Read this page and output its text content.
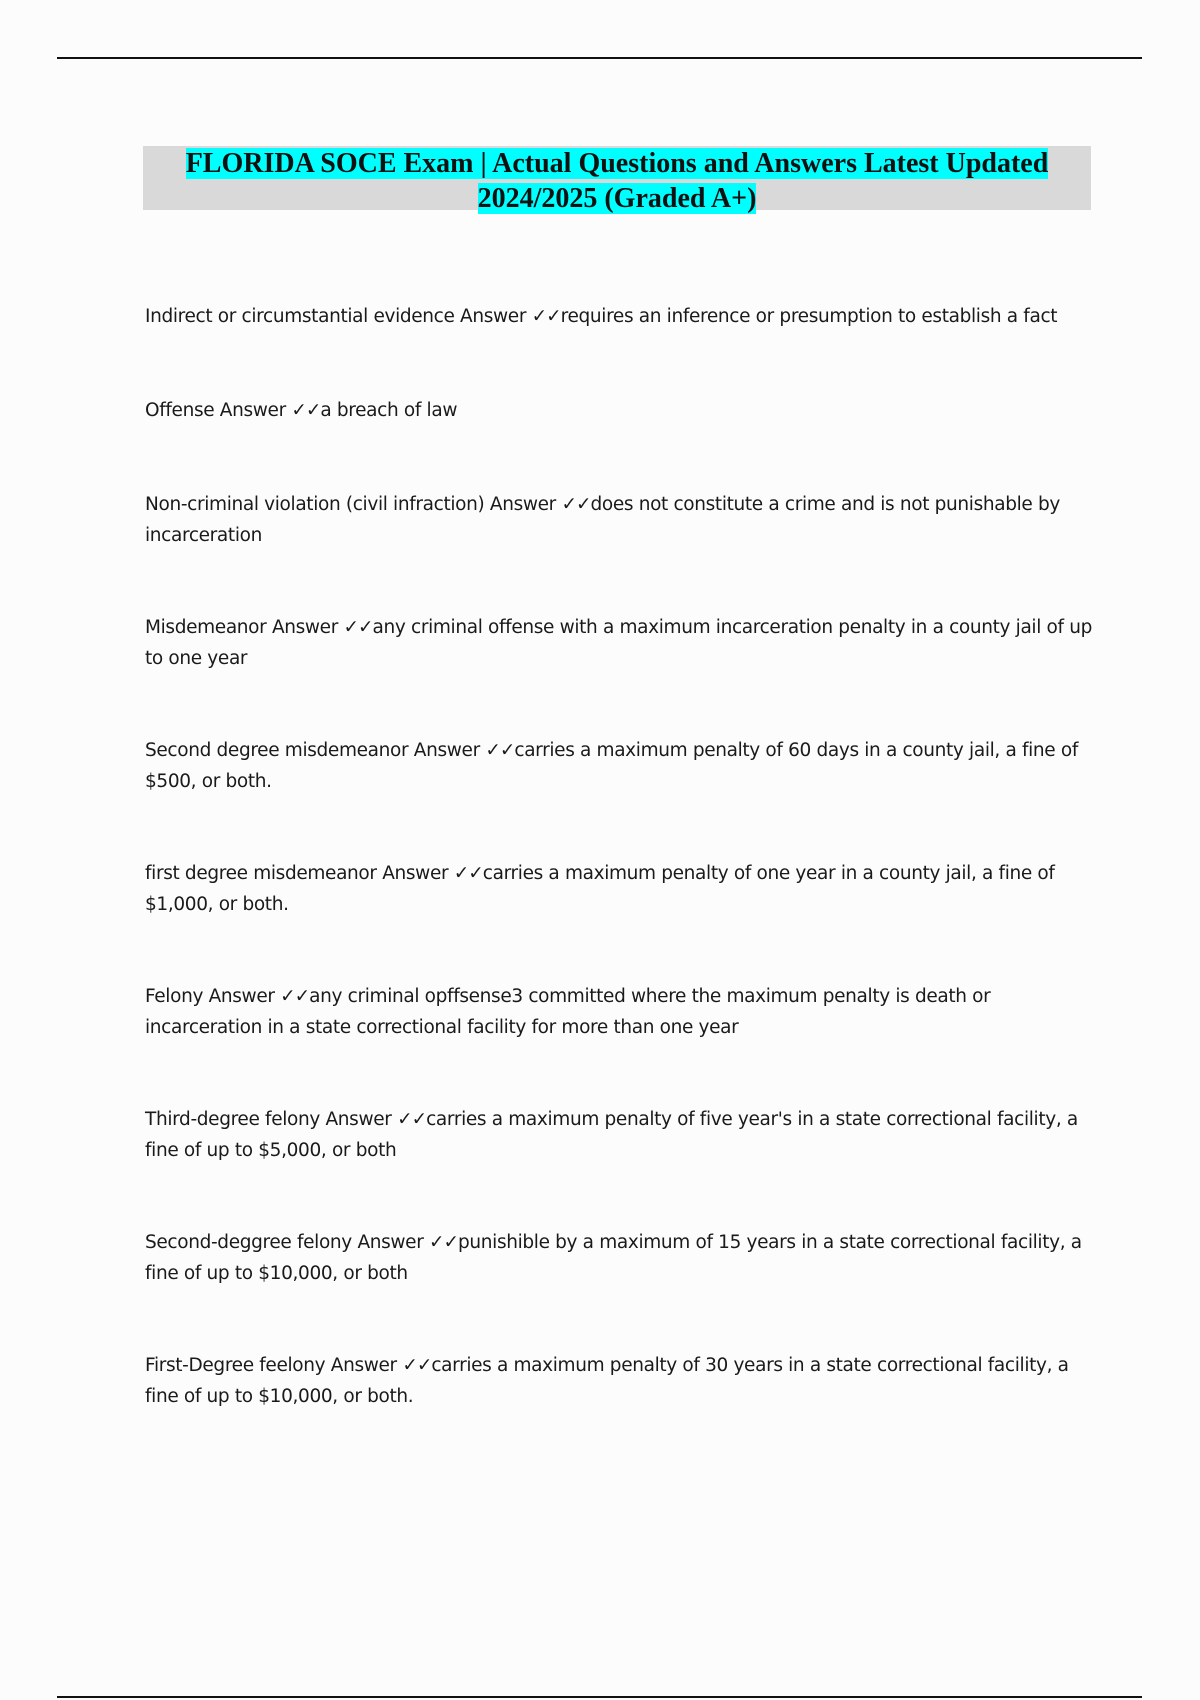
FLORIDA SOCE Exam | Actual Questions and Answers Latest Updated
2024/2025 (Graded A+)

Indirect or circumstantial evidence Answer ✓✓requires an inference or presumption to establish a fact

Offense Answer ✓✓a breach of law

Non-criminal violation (civil infraction) Answer ✓✓does not constitute a crime and is not punishable by incarceration

Misdemeanor Answer ✓✓any criminal offense with a maximum incarceration penalty in a county jail of up to one year

Second degree misdemeanor Answer ✓✓carries a maximum penalty of 60 days in a county jail, a fine of $500, or both.

first degree misdemeanor Answer ✓✓carries a maximum penalty of one year in a county jail, a fine of $1,000, or both.

Felony Answer ✓✓any criminal opffsense3 committed where the maximum penalty is death or incarceration in a state correctional facility for more than one year

Third-degree felony Answer ✓✓carries a maximum penalty of five year's in a state correctional facility, a fine of up to $5,000, or both

Second-deggree felony Answer ✓✓punishible by a maximum of 15 years in a state correctional facility, a fine of up to $10,000, or both

First-Degree feelony Answer ✓✓carries a maximum penalty of 30 years in a state correctional facility, a fine of up to $10,000, or both.
